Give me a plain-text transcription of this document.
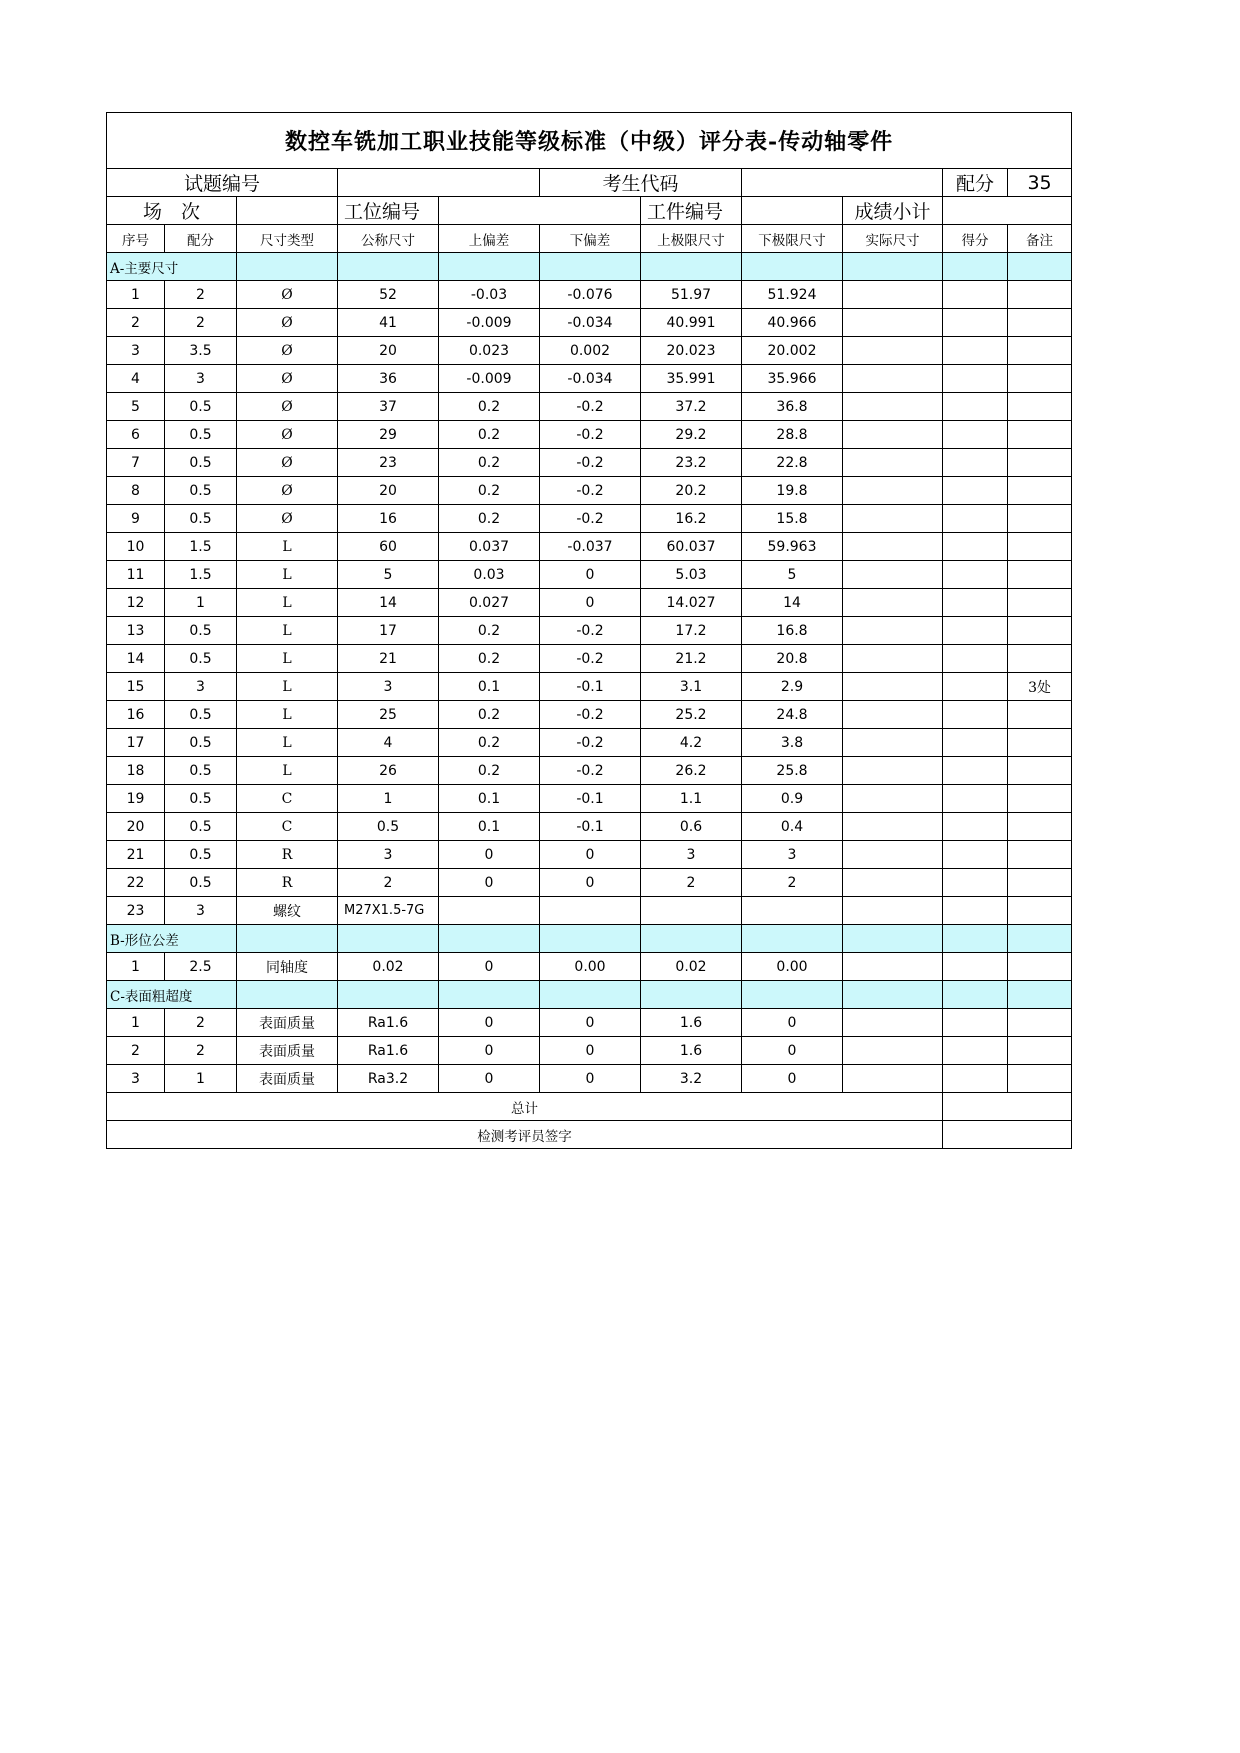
数控车铣加工职业技能等级标准（中级）评分表-传动轴零件										
试题编号					考生代码				配分	35
场　次			工位编号			工件编号		成绩小计		
序号	配分	尺寸类型	公称尺寸	上偏差	下偏差	上极限尺寸	下极限尺寸	实际尺寸	得分	备注
A-主要尺寸										
1	2	Ø	52	-0.03	-0.076	51.97	51.924			
2	2	Ø	41	-0.009	-0.034	40.991	40.966			
3	3.5	Ø	20	0.023	0.002	20.023	20.002			
4	3	Ø	36	-0.009	-0.034	35.991	35.966			
5	0.5	Ø	37	0.2	-0.2	37.2	36.8			
6	0.5	Ø	29	0.2	-0.2	29.2	28.8			
7	0.5	Ø	23	0.2	-0.2	23.2	22.8			
8	0.5	Ø	20	0.2	-0.2	20.2	19.8			
9	0.5	Ø	16	0.2	-0.2	16.2	15.8			
10	1.5	L	60	0.037	-0.037	60.037	59.963			
11	1.5	L	5	0.03	0	5.03	5			
12	1	L	14	0.027	0	14.027	14			
13	0.5	L	17	0.2	-0.2	17.2	16.8			
14	0.5	L	21	0.2	-0.2	21.2	20.8			
15	3	L	3	0.1	-0.1	3.1	2.9			3处
16	0.5	L	25	0.2	-0.2	25.2	24.8			
17	0.5	L	4	0.2	-0.2	4.2	3.8			
18	0.5	L	26	0.2	-0.2	26.2	25.8			
19	0.5	C	1	0.1	-0.1	1.1	0.9			
20	0.5	C	0.5	0.1	-0.1	0.6	0.4			
21	0.5	R	3	0	0	3	3			
22	0.5	R	2	0	0	2	2			
23	3	螺纹	M27X1.5-7G							
B-形位公差										
1	2.5	同轴度	0.02	0	0.00	0.02	0.00			
C-表面粗超度										
1	2	表面质量	Ra1.6	0	0	1.6	0			
2	2	表面质量	Ra1.6	0	0	1.6	0			
3	1	表面质量	Ra3.2	0	0	3.2	0			
总计										
检测考评员签字										
